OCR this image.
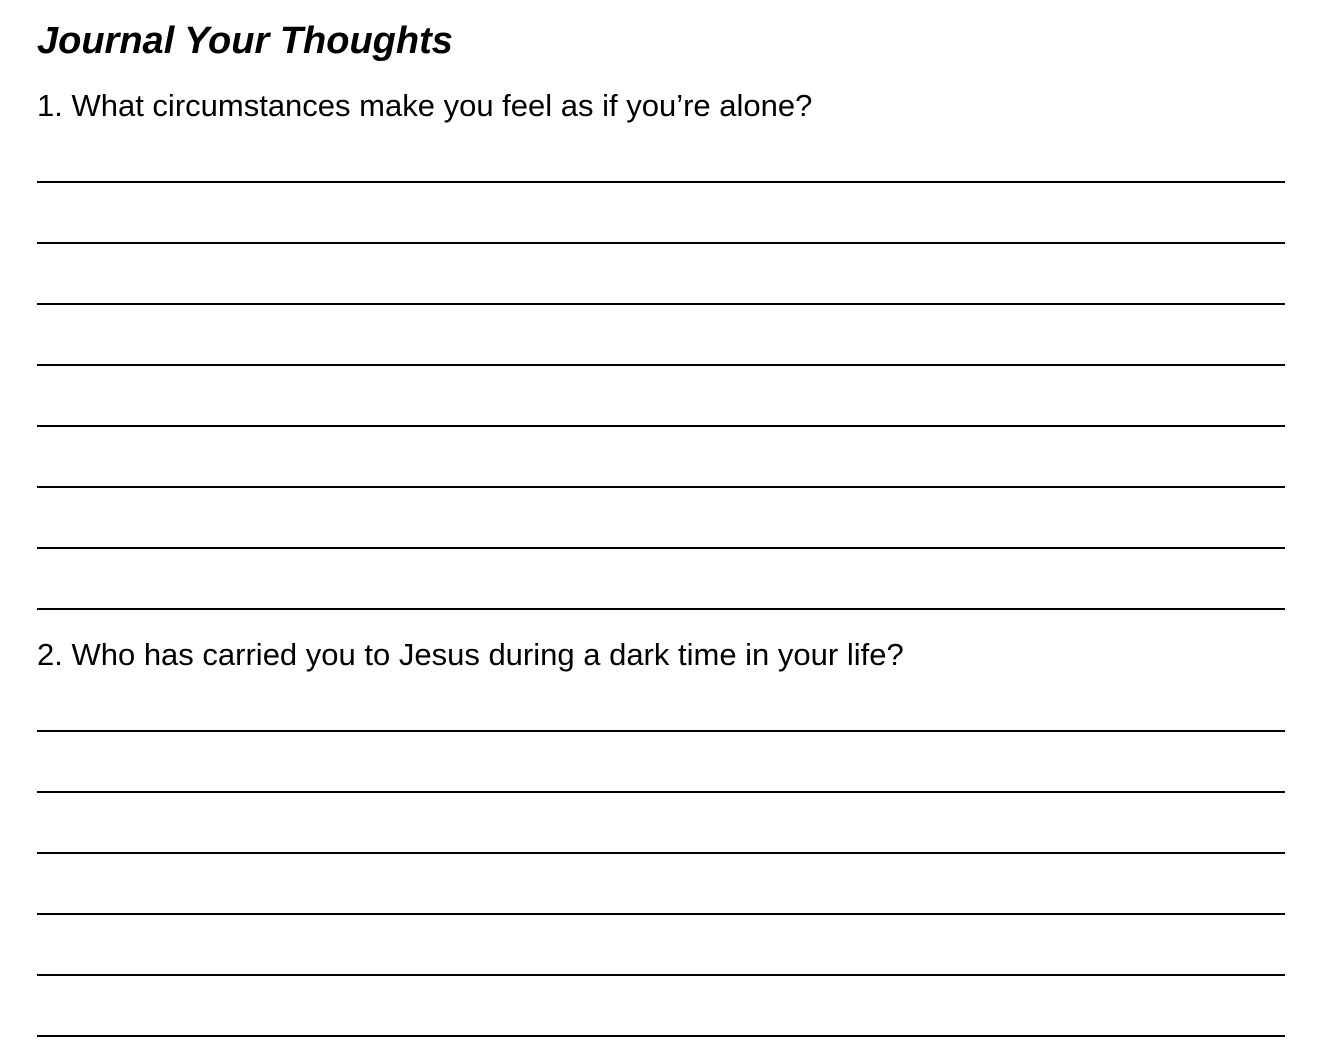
Journal Your Thoughts

1. What circumstances make you feel as if you’re alone?

2. Who has carried you to Jesus during a dark time in your life?
